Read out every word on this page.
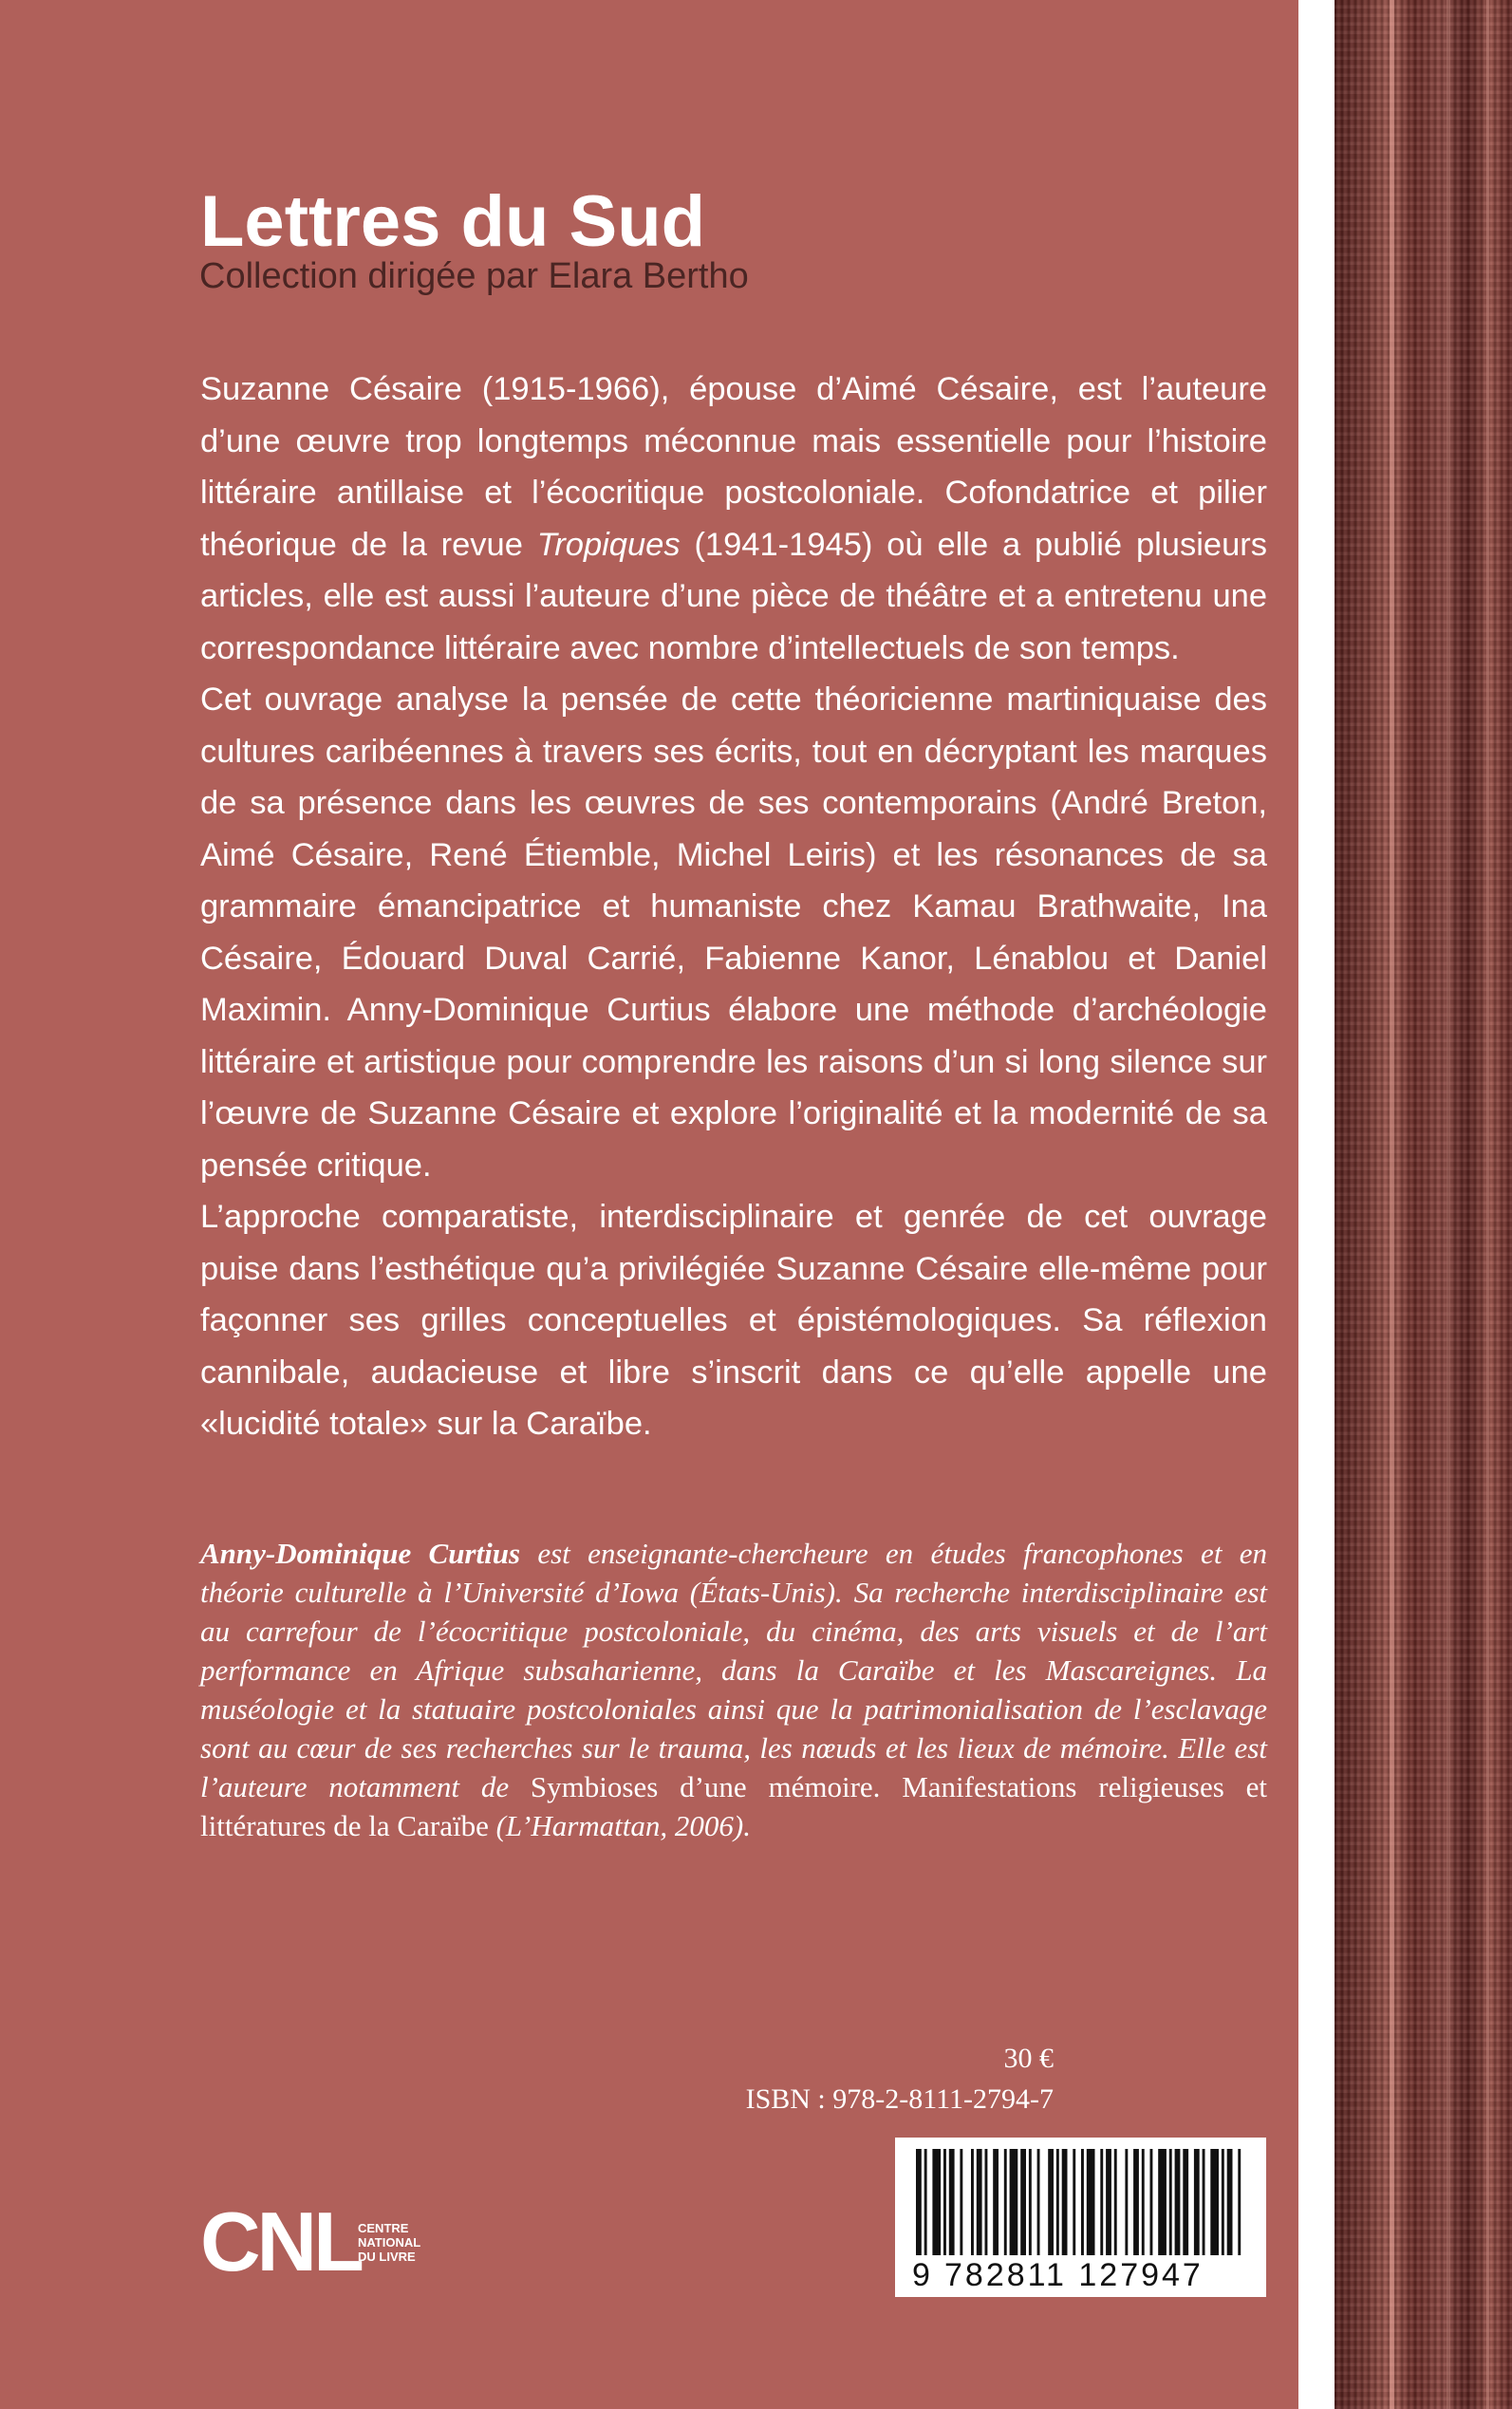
Lettres du Sud
Collection dirigée par Elara Bertho

Suzanne Césaire (1915-1966), épouse d’Aimé Césaire, est l’auteure d’une œuvre trop longtemps méconnue mais essentielle pour l’histoire littéraire antillaise et l’écocritique postcoloniale. Cofondatrice et pilier théorique de la revue Tropiques (1941-1945) où elle a publié plusieurs articles, elle est aussi l’auteure d’une pièce de théâtre et a entretenu une correspondance littéraire avec nombre d’intellectuels de son temps.

Cet ouvrage analyse la pensée de cette théoricienne martiniquaise des cultures caribéennes à travers ses écrits, tout en décryptant les marques de sa présence dans les œuvres de ses contemporains (André Breton, Aimé Césaire, René Étiemble, Michel Leiris) et les résonances de sa grammaire émancipatrice et humaniste chez Kamau Brathwaite, Ina Césaire, Édouard Duval Carrié, Fabienne Kanor, Lénablou et Daniel Maximin. Anny-Dominique Curtius élabore une méthode d’archéologie littéraire et artistique pour comprendre les raisons d’un si long silence sur l’œuvre de Suzanne Césaire et explore l’originalité et la modernité de sa pensée critique.

L’approche comparatiste, interdisciplinaire et genrée de cet ouvrage puise dans l’esthétique qu’a privilégiée Suzanne Césaire elle-même pour façonner ses grilles conceptuelles et épistémologiques. Sa réflexion cannibale, audacieuse et libre s’inscrit dans ce qu’elle appelle une «lucidité totale» sur la Caraïbe.

Anny-Dominique Curtius est enseignante-chercheure en études francophones et en théorie culturelle à l’Université d’Iowa (États-Unis). Sa recherche interdisciplinaire est au carrefour de l’écocritique postcoloniale, du cinéma, des arts visuels et de l’art performance en Afrique subsaharienne, dans la Caraïbe et les Mascareignes. La muséologie et la statuaire postcoloniales ainsi que la patrimonialisation de l’esclavage sont au cœur de ses recherches sur le trauma, les nœuds et les lieux de mémoire. Elle est l’auteure notamment de Symbioses d’une mémoire. Manifestations religieuses et littératures de la Caraïbe (L’Harmattan, 2006).

30 €
ISBN : 978-2-8111-2794-7
9 782811 127947
CNL
CENTRE
NATIONAL
DU LIVRE
